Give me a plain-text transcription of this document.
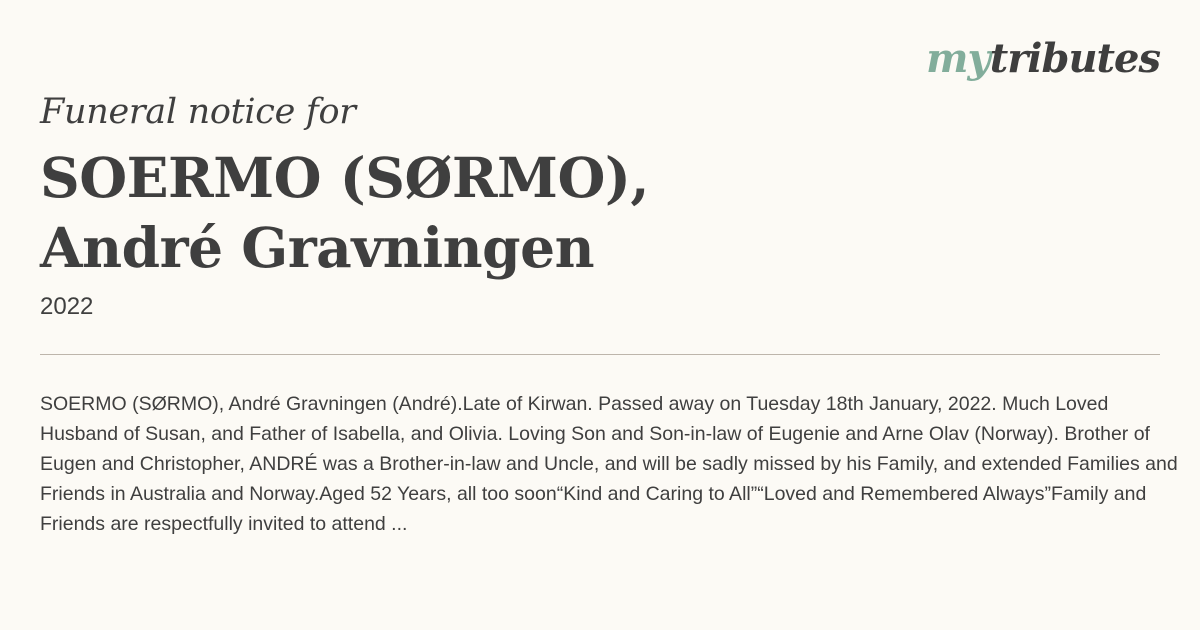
mytributes
Funeral notice for
SOERMO (SØRMO),
André Gravningen
2022

SOERMO (SØRMO), André Gravningen (André).Late of Kirwan. Passed away on Tuesday 18th January, 2022. Much Loved Husband of Susan, and Father of Isabella, and Olivia. Loving Son and Son-in-law of Eugenie and Arne Olav (Norway). Brother of Eugen and Christopher, ANDRÉ was a Brother-in-law and Uncle, and will be sadly missed by his Family, and extended Families and Friends in Australia and Norway.Aged 52 Years, all too soon“Kind and Caring to All”“Loved and Remembered Always”Family and Friends are respectfully invited to attend ...
